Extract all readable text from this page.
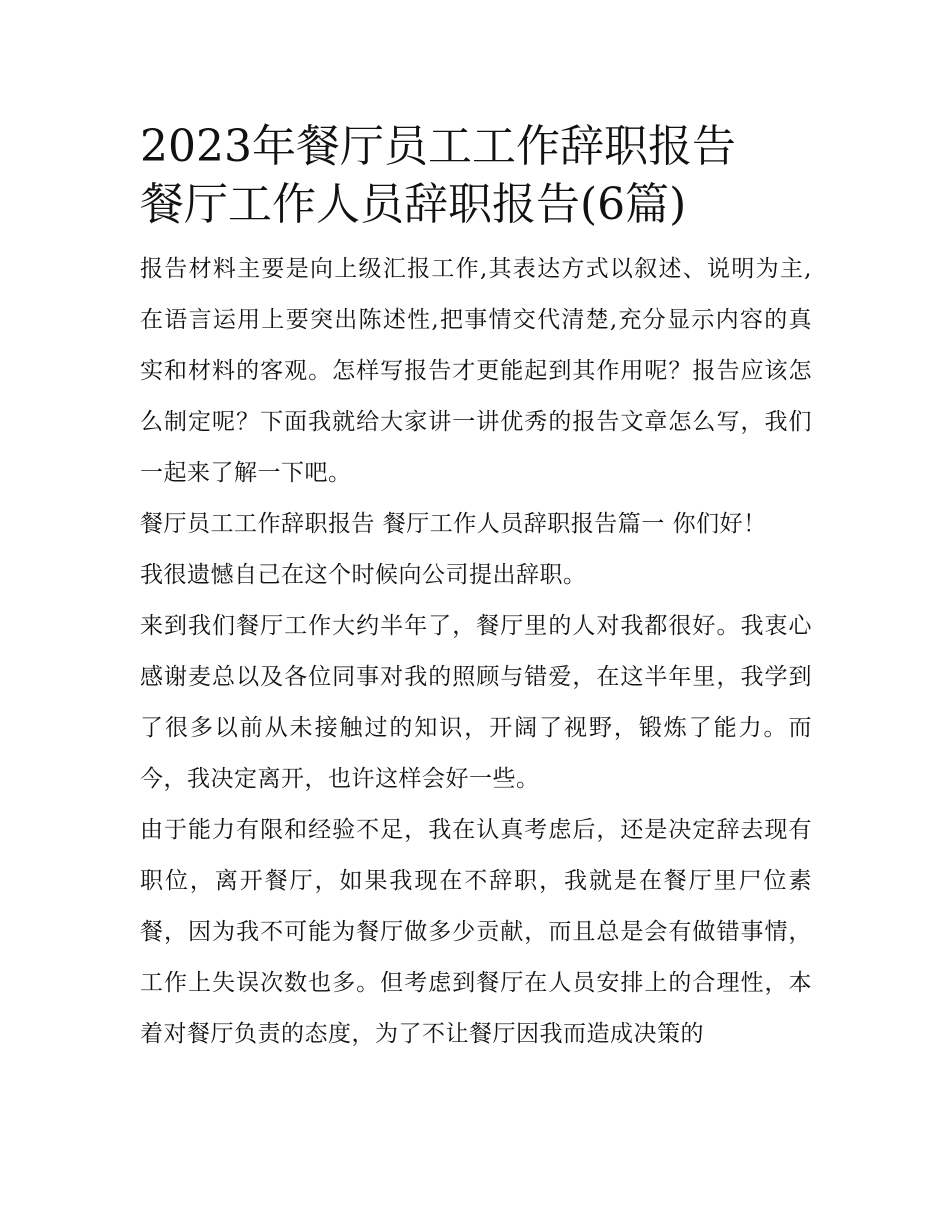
2023年餐厅员工工作辞职报告
餐厅工作人员辞职报告(6篇)

报告材料主要是向上级汇报工作,其表达方式以叙述、说明为主,在语言运用上要突出陈述性,把事情交代清楚,充分显示内容的真实和材料的客观。怎样写报告才更能起到其作用呢？报告应该怎么制定呢？下面我就给大家讲一讲优秀的报告文章怎么写，我们一起来了解一下吧。

餐厅员工工作辞职报告 餐厅工作人员辞职报告篇一 你们好！

我很遗憾自己在这个时候向公司提出辞职。

来到我们餐厅工作大约半年了，餐厅里的人对我都很好。我衷心感谢麦总以及各位同事对我的照顾与错爱，在这半年里，我学到了很多以前从未接触过的知识，开阔了视野，锻炼了能力。而今，我决定离开，也许这样会好一些。

由于能力有限和经验不足，我在认真考虑后，还是决定辞去现有职位，离开餐厅，如果我现在不辞职，我就是在餐厅里尸位素餐，因为我不可能为餐厅做多少贡献，而且总是会有做错事情，工作上失误次数也多。但考虑到餐厅在人员安排上的合理性，本着对餐厅负责的态度，为了不让餐厅因我而造成决策的
